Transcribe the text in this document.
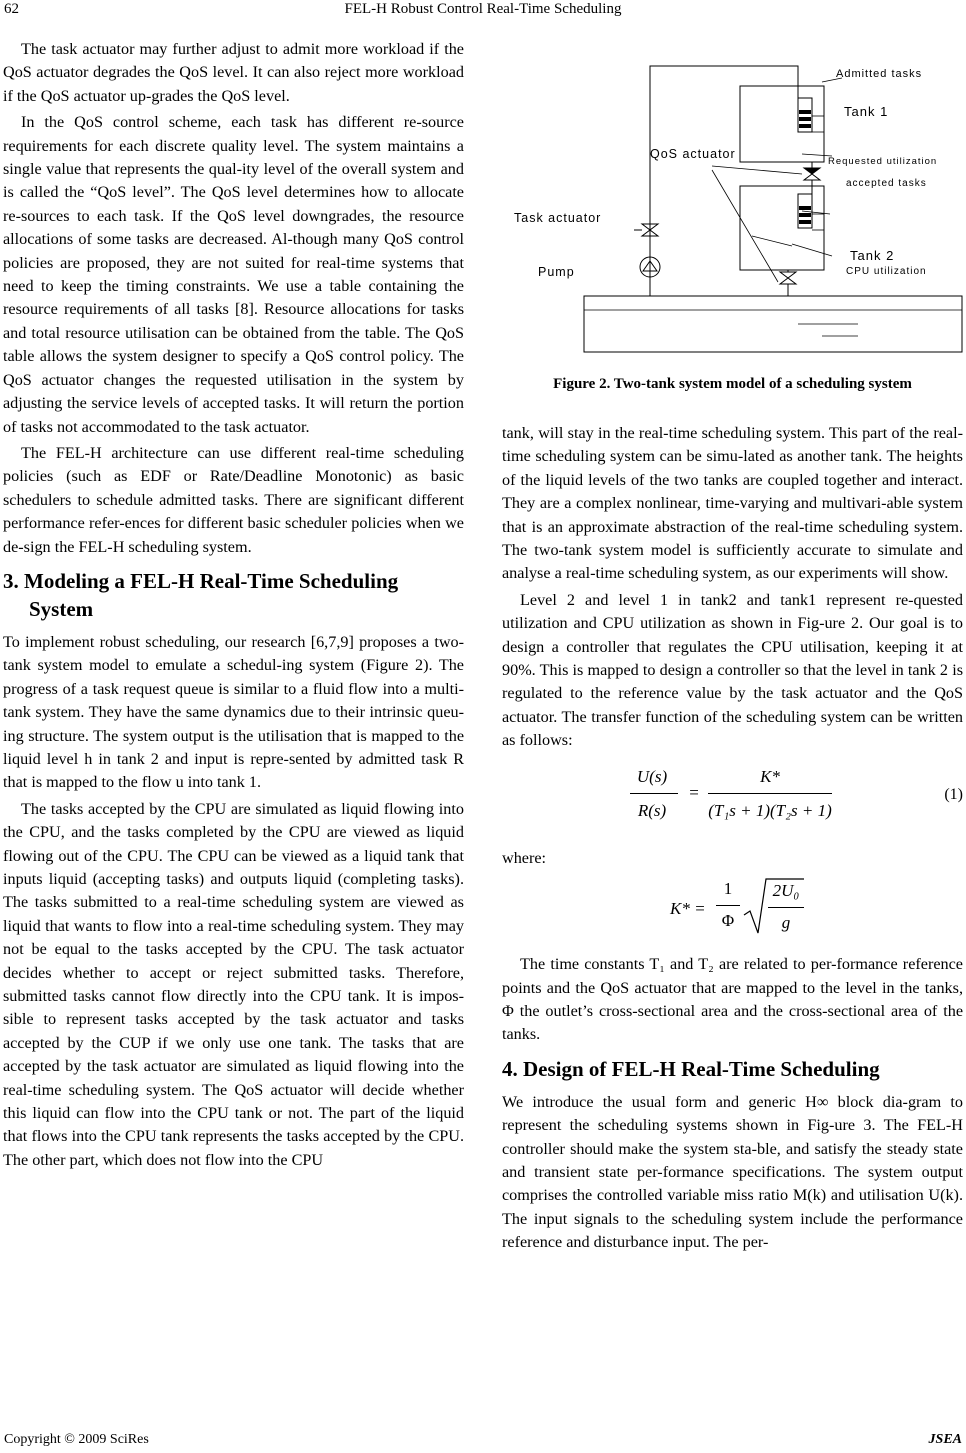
62	FEL-H Robust Control Real-Time Scheduling

The task actuator may further adjust to admit more workload if the QoS actuator degrades the QoS level. It can also reject more workload if the QoS actuator up-grades the QoS level.

In the QoS control scheme, each task has different re-source requirements for each discrete quality level. The system maintains a single value that represents the qual-ity level of the overall system and is called the “QoS level”. The QoS level determines how to allocate re-sources to each task. If the QoS level downgrades, the resource allocations of some tasks are decreased. Al-though many QoS control policies are proposed, they are not suited for real-time systems that need to keep the timing constraints. We use a table containing the resource requirements of all tasks [8]. Resource allocations for tasks and total resource utilisation can be obtained from the table. The QoS table allows the system designer to specify a QoS control policy. The QoS actuator changes the requested utilisation in the system by adjusting the service levels of accepted tasks. It will return the portion of tasks not accommodated to the task actuator.

The FEL-H architecture can use different real-time scheduling policies (such as EDF or Rate/Deadline Monotonic) as basic schedulers to schedule admitted tasks. There are significant different performance refer-ences for different basic scheduler policies when we de-sign the FEL-H scheduling system.

3. Modeling a FEL-H Real-Time Scheduling System

To implement robust scheduling, our research [6,7,9] proposes a two-tank system model to emulate a schedul-ing system (Figure 2). The progress of a task request queue is similar to a fluid flow into a multi-tank system. They have the same dynamics due to their intrinsic queu-ing structure. The system output is the utilisation that is mapped to the liquid level h in tank 2 and input is repre-sented by admitted task R that is mapped to the flow u into tank 1.

The tasks accepted by the CPU are simulated as liquid flowing into the CPU, and the tasks completed by the CPU are viewed as liquid flowing out of the CPU. The CPU can be viewed as a liquid tank that inputs liquid (accepting tasks) and outputs liquid (completing tasks). The tasks submitted to a real-time scheduling system are viewed as liquid that wants to flow into a real-time scheduling system. They may not be equal to the tasks accepted by the CPU. The task actuator decides whether to accept or reject submitted tasks. Therefore, submitted tasks cannot flow directly into the CPU tank. It is impos-sible to represent tasks accepted by the task actuator and tasks accepted by the CUP if we only use one tank. The tasks that are accepted by the task actuator are simulated as liquid flowing into the real-time scheduling system. The QoS actuator will decide whether this liquid can flow into the CPU tank or not. The part of the liquid that flows into the CPU tank represents the tasks accepted by the CPU. The other part, which does not flow into the CPU

Admitted tasks
Tank 1
QoS actuator
Requested utilization
accepted tasks
Task actuator
Tank 2
Pump	CPU utilization
Figure 2. Two-tank system model of a scheduling system

tank, will stay in the real-time scheduling system. This part of the real-time scheduling system can be simu-lated as another tank. The heights of the liquid levels of the two tanks are coupled together and interact. They are a complex nonlinear, time-varying and multivari-able system that is an approximate abstraction of the real-time scheduling system. The two-tank system model is sufficiently accurate to simulate and analyse a real-time scheduling system, as our experiments will show.

Level 2 and level 1 in tank2 and tank1 represent re-quested utilization and CPU utilization as shown in Fig-ure 2. Our goal is to design a controller that regulates the CPU utilisation, keeping it at 90%. This is mapped to design a controller so that the level in tank 2 is regulated to the reference value by the task actuator and the QoS actuator. The transfer function of the scheduling system can be written as follows:

U(s)
R(s)
=
K*
(T₁s + 1)(T₂s + 1)
(1)

where:

K* =
1
Φ
2U₀
g

The time constants T₁ and T₂ are related to per-formance reference points and the QoS actuator that are mapped to the level in the tanks, Φ the outlet’s cross-sectional area and the cross-sectional area of the tanks.

4. Design of FEL-H Real-Time Scheduling

We introduce the usual form and generic H∞ block dia-gram to represent the scheduling systems shown in Fig-ure 3. The FEL-H controller should make the system sta-ble, and satisfy the steady state and transient state per-formance specifications. The system output comprises the controlled variable miss ratio M(k) and utilisation U(k). The input signals to the scheduling system include the performance reference and disturbance input. The per-

Copyright © 2009 SciRes	JSEA
